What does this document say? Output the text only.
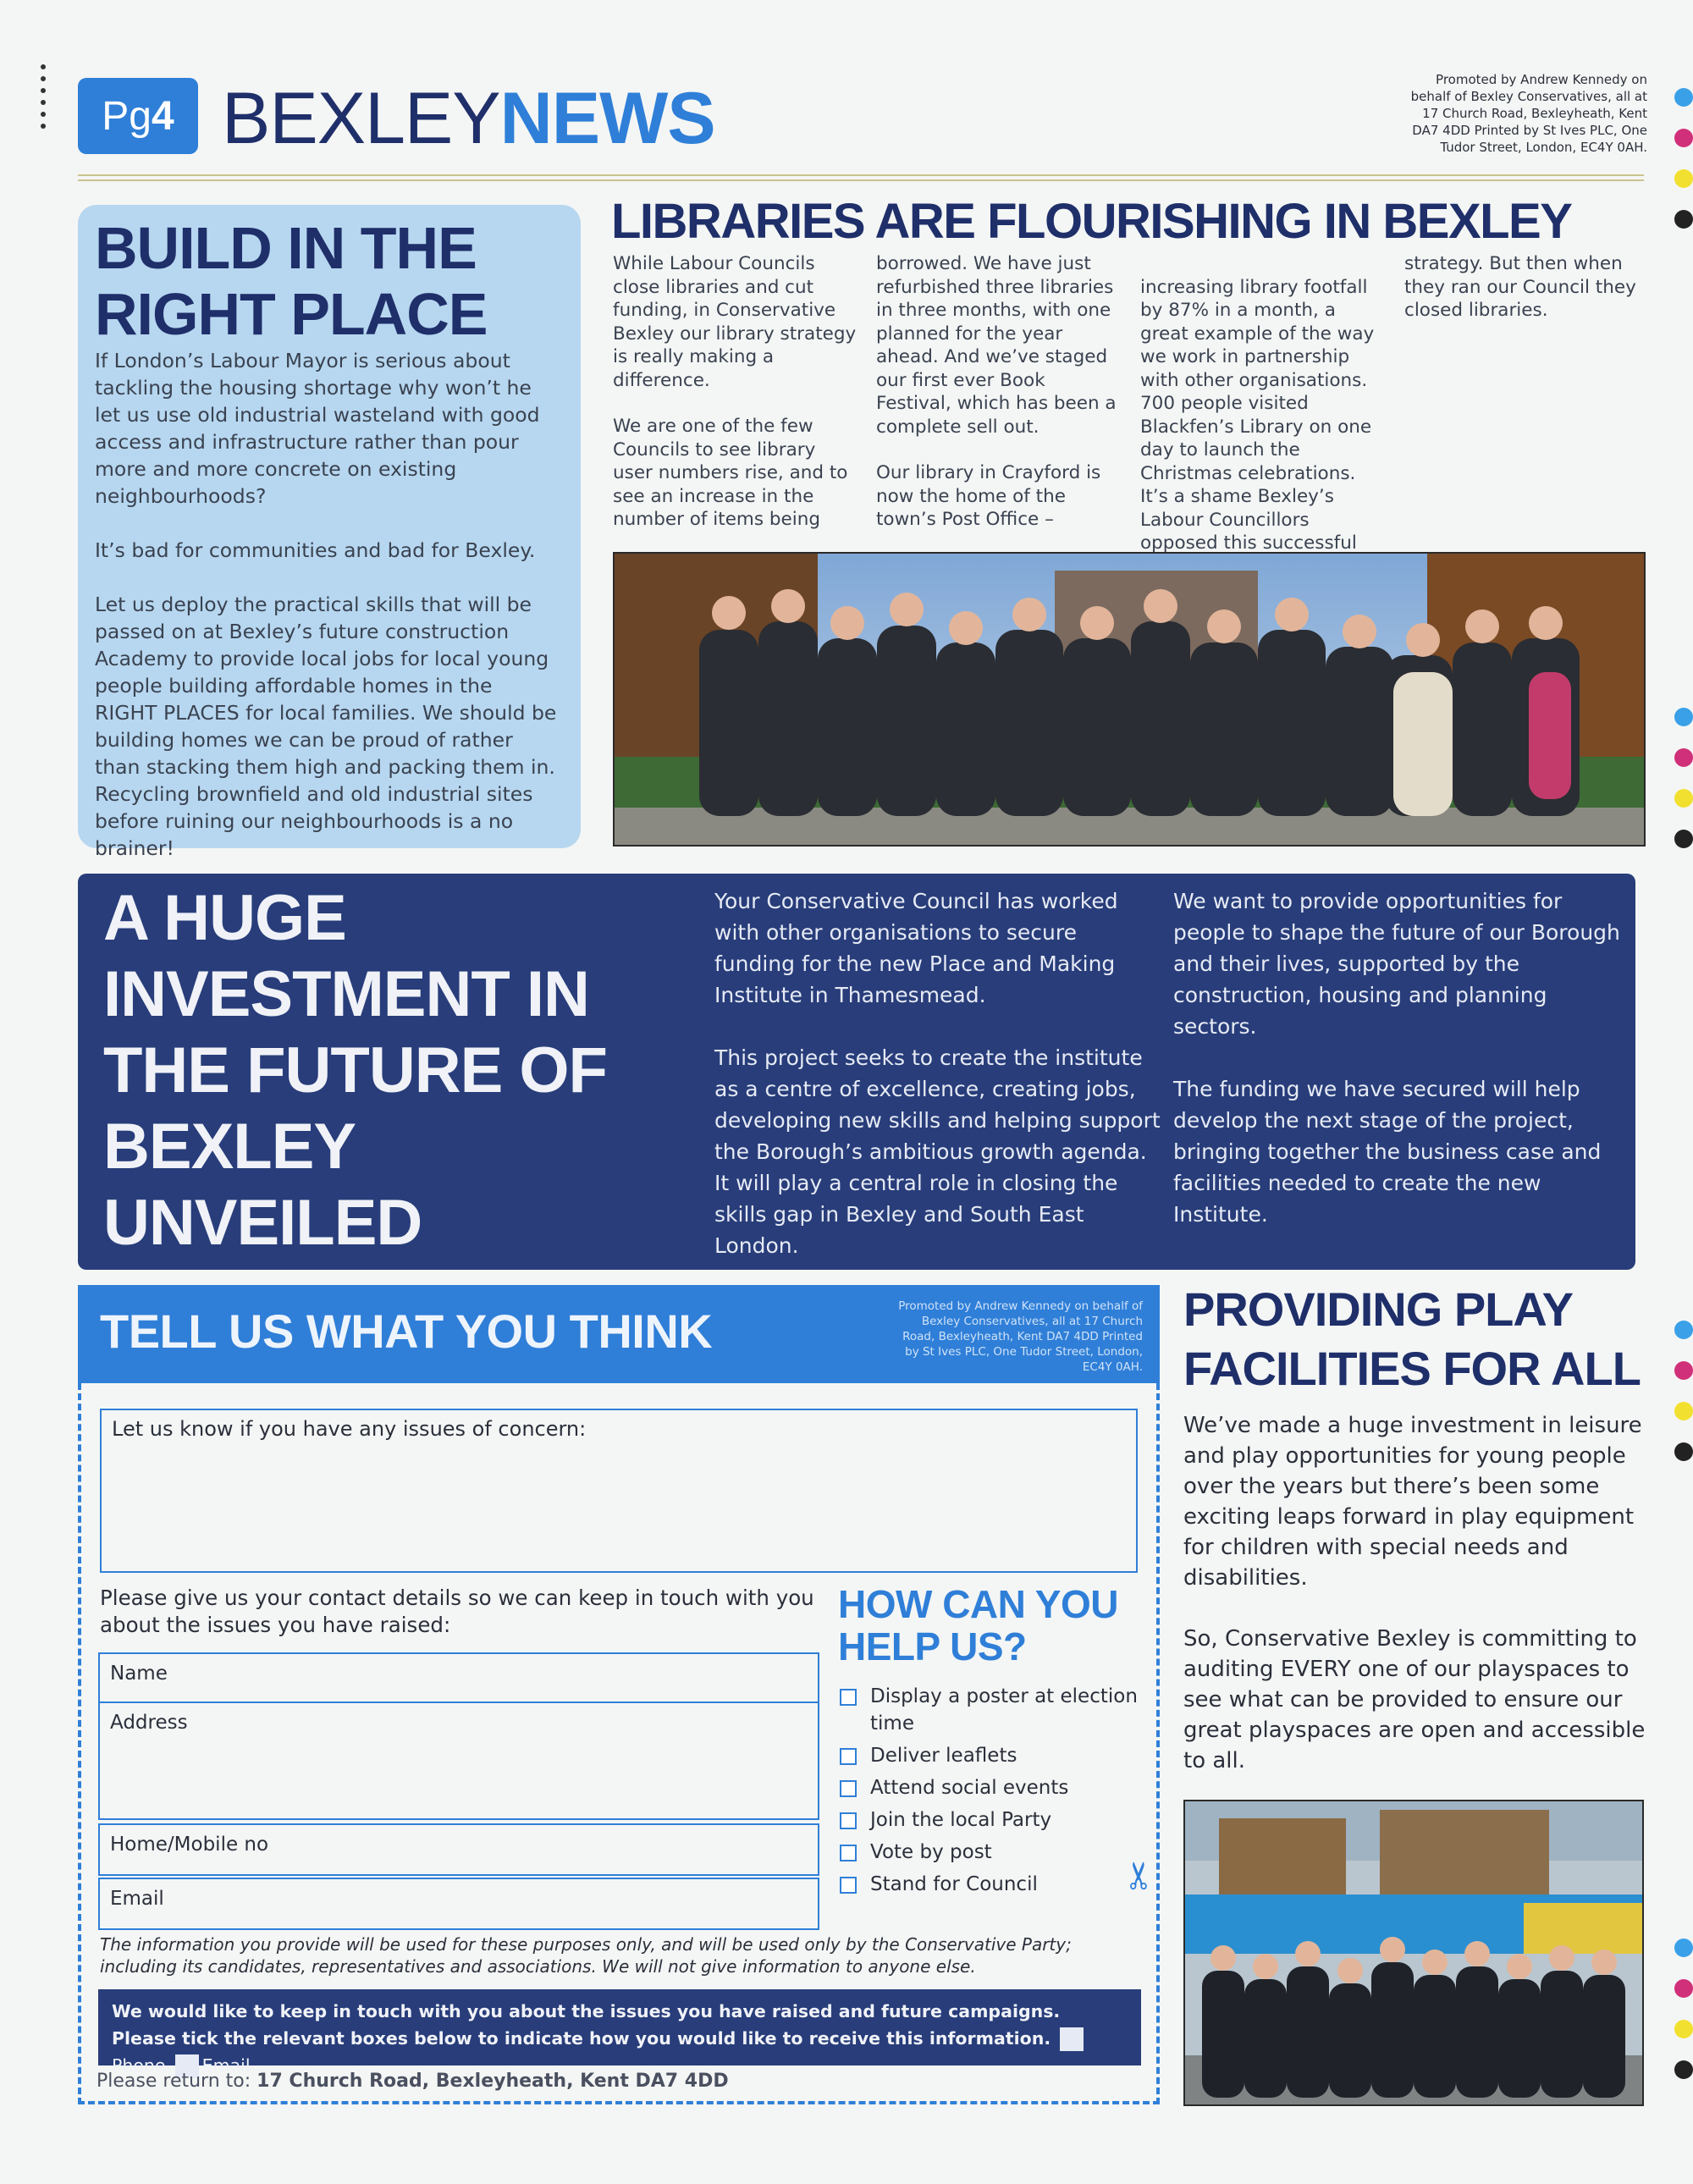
Pg 4 BEXLEYNEWS	Promoted by Andrew Kennedy on behalf of Bexley Conservatives, all at 17 Church Road, Bexleyheath, Kent DA7 4DD Printed by St Ives PLC, One Tudor Street, London, EC4Y 0AH.
BUILD IN THE RIGHT PLACE

If London’s Labour Mayor is serious about tackling the housing shortage why won’t he let us use old industrial wasteland with good access and infrastructure rather than pour more and more concrete on existing neighbourhoods?

It’s bad for communities and bad for Bexley.

Let us deploy the practical skills that will be passed on at Bexley’s future construction Academy to provide local jobs for local young people building affordable homes in the RIGHT PLACES for local families. We should be building homes we can be proud of rather than stacking them high and packing them in. Recycling brownfield and old industrial sites before ruining our neighbourhoods is a no brainer!

LIBRARIES ARE FLOURISHING IN BEXLEY

While Labour Councils close libraries and cut funding, in Conservative Bexley our library strategy is really making a difference.

We are one of the few Councils to see library user numbers rise, and to see an increase in the number of items being

borrowed. We have just refurbished three libraries in three months, with one planned for the year ahead. And we’ve staged our first ever Book Festival, which has been a complete sell out.

Our library in Crayford is now the home of the town’s Post Office –

increasing library footfall by 87% in a month, a great example of the way we work in partnership with other organisations. 700 people visited Blackfen’s Library on one day to launch the Christmas celebrations.
It’s a shame Bexley’s Labour Councillors opposed this successful

strategy. But then when they ran our Council they closed libraries.

A HUGE INVESTMENT IN THE FUTURE OF BEXLEY UNVEILED

Your Conservative Council has worked with other organisations to secure funding for the new Place and Making Institute in Thamesmead.

This project seeks to create the institute as a centre of excellence, creating jobs, developing new skills and helping support the Borough’s ambitious growth agenda. It will play a central role in closing the skills gap in Bexley and South East London.

We want to provide opportunities for people to shape the future of our Borough and their lives, supported by the construction, housing and planning sectors.

The funding we have secured will help develop the next stage of the project, bringing together the business case and facilities needed to create the new Institute.

TELL US WHAT YOU THINK	Promoted by Andrew Kennedy on behalf of Bexley Conservatives, all at 17 Church Road, Bexleyheath, Kent DA7 4DD Printed by St Ives PLC, One Tudor Street, London, EC4Y 0AH.
Let us know if you have any issues of concern:
Please give us your contact details so we can keep in touch with you about the issues you have raised:
Name
Address
Home/Mobile no
Email
HOW CAN YOU HELP US?
Display a poster at election time
Deliver leaflets
Attend social events
Join the local Party
Vote by post
Stand for Council ✂
The information you provide will be used for these purposes only, and will be used only by the Conservative Party; including its candidates, representatives and associations. We will not give information to anyone else.
We would like to keep in touch with you about the issues you have raised and future campaigns. Please tick the relevant boxes below to indicate how you would like to receive this information. Phone Email
Please return to: 17 Church Road, Bexleyheath, Kent DA7 4DD
PROVIDING PLAY FACILITIES FOR ALL

We’ve made a huge investment in leisure and play opportunities for young people over the years but there’s been some exciting leaps forward in play equipment for children with special needs and disabilities.

So, Conservative Bexley is committing to auditing EVERY one of our playspaces to see what can be provided to ensure our great playspaces are open and accessible to all.
